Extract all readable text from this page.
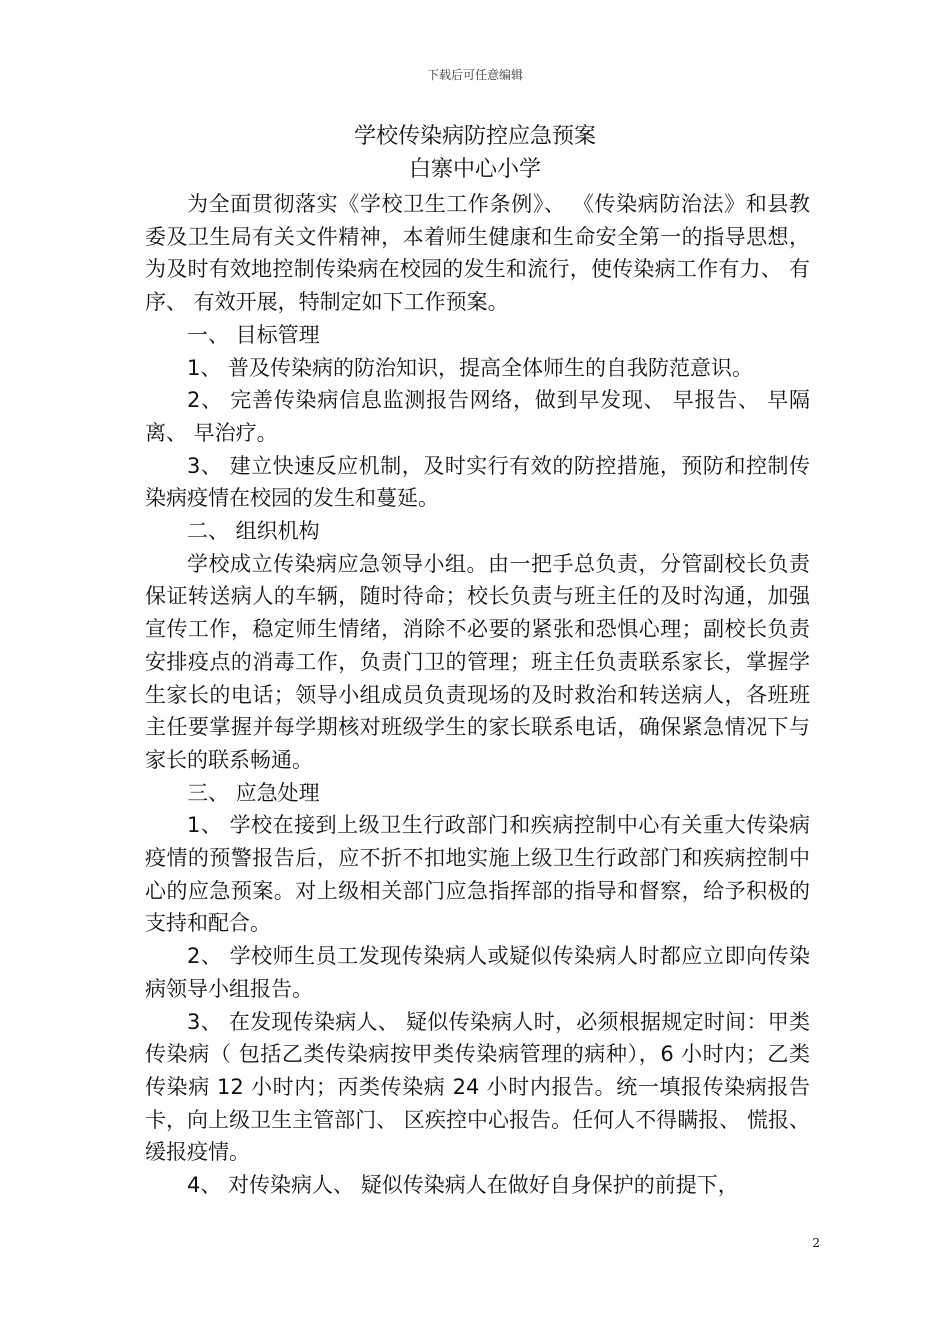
下载后可任意编辑
学校传染病防控应急预案
白寨中心小学

为全面贯彻落实《学校卫生工作条例》、 《传染病防治法》和县教委及卫生局有关文件精神，本着师生健康和生命安全第一的指导思想，为及时有效地控制传染病在校园的发生和流行，使传染病工作有力、 有序、 有效开展，特制定如下工作预案。

一、 目标管理

1、 普及传染病的防治知识，提高全体师生的自我防范意识。

2、 完善传染病信息监测报告网络，做到早发现、 早报告、 早隔离、 早治疗。

3、 建立快速反应机制，及时实行有效的防控措施，预防和控制传染病疫情在校园的发生和蔓延。

二、 组织机构

学校成立传染病应急领导小组。由一把手总负责，分管副校长负责保证转送病人的车辆，随时待命；校长负责与班主任的及时沟通，加强宣传工作，稳定师生情绪，消除不必要的紧张和恐惧心理；副校长负责安排疫点的消毒工作，负责门卫的管理；班主任负责联系家长，掌握学生家长的电话；领导小组成员负责现场的及时救治和转送病人，各班班主任要掌握并每学期核对班级学生的家长联系电话，确保紧急情况下与家长的联系畅通。

三、 应急处理

1、 学校在接到上级卫生行政部门和疾病控制中心有关重大传染病疫情的预警报告后，应不折不扣地实施上级卫生行政部门和疾病控制中心的应急预案。对上级相关部门应急指挥部的指导和督察，给予积极的支持和配合。

2、 学校师生员工发现传染病人或疑似传染病人时都应立即向传染病领导小组报告。

3、 在发现传染病人、 疑似传染病人时，必须根据规定时间：甲类传染病（ 包括乙类传染病按甲类传染病管理的病种），6 小时内；乙类传染病 12 小时内；丙类传染病 24 小时内报告。统一填报传染病报告卡，向上级卫生主管部门、 区疾控中心报告。任何人不得瞒报、 慌报、 缓报疫情。

4、 对传染病人、 疑似传染病人在做好自身保护的前提下，

2
